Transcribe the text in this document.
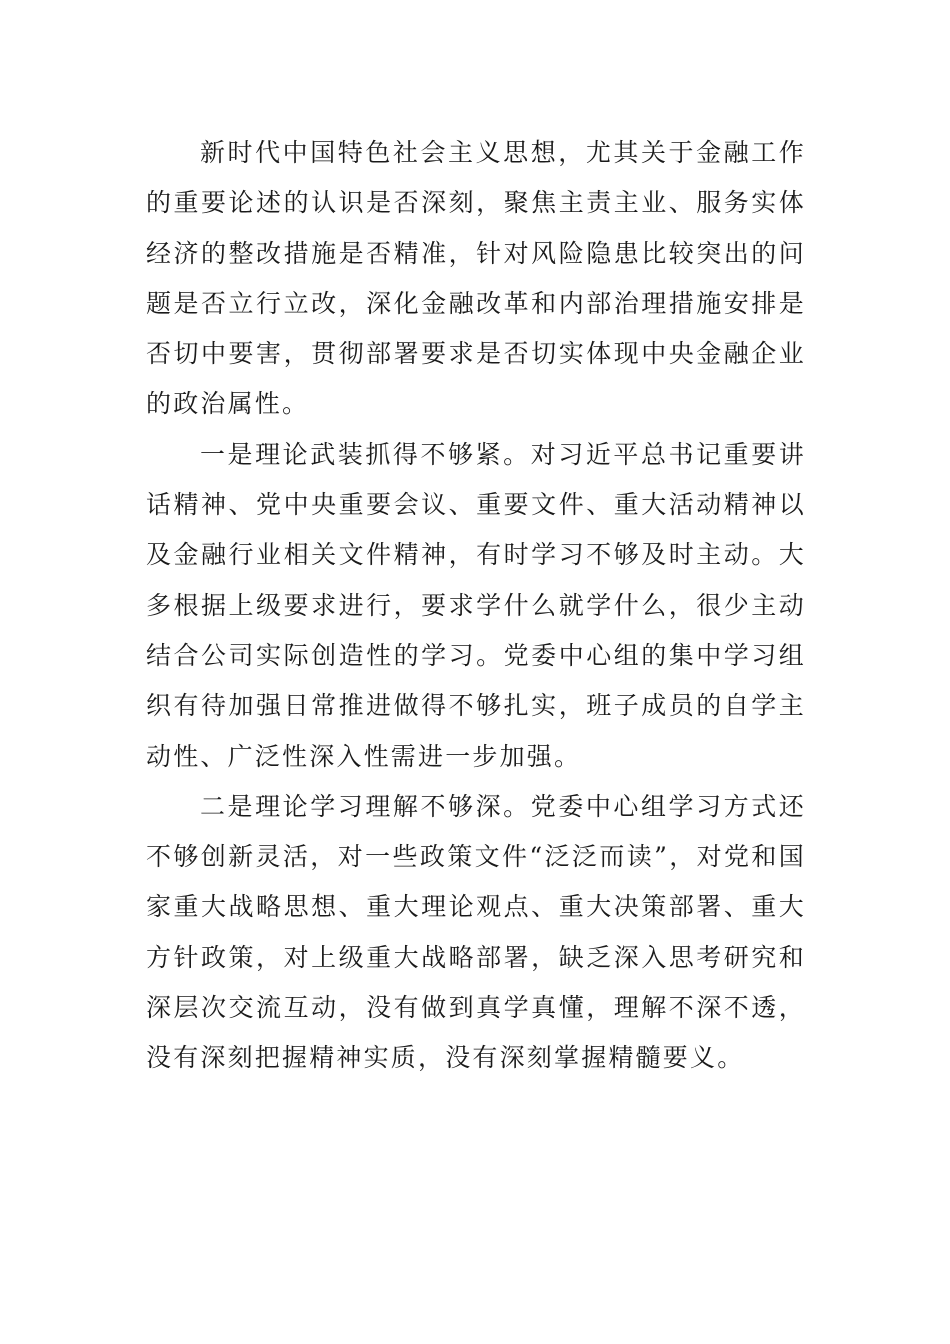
新时代中国特色社会主义思想，尤其关于金融工作的重要论述的认识是否深刻，聚焦主责主业、服务实体经济的整改措施是否精准，针对风险隐患比较突出的问题是否立行立改，深化金融改革和内部治理措施安排是否切中要害，贯彻部署要求是否切实体现中央金融企业的政治属性。

一是理论武装抓得不够紧。对习近平总书记重要讲话精神、党中央重要会议、重要文件、重大活动精神以及金融行业相关文件精神，有时学习不够及时主动。大多根据上级要求进行，要求学什么就学什么，很少主动结合公司实际创造性的学习。党委中心组的集中学习组织有待加强日常推进做得不够扎实，班子成员的自学主动性、广泛性深入性需进一步加强。

二是理论学习理解不够深。党委中心组学习方式还不够创新灵活，对一些政策文件“泛泛而读”，对党和国家重大战略思想、重大理论观点、重大决策部署、重大方针政策，对上级重大战略部署，缺乏深入思考研究和深层次交流互动，没有做到真学真懂，理解不深不透，没有深刻把握精神实质，没有深刻掌握精髓要义。
